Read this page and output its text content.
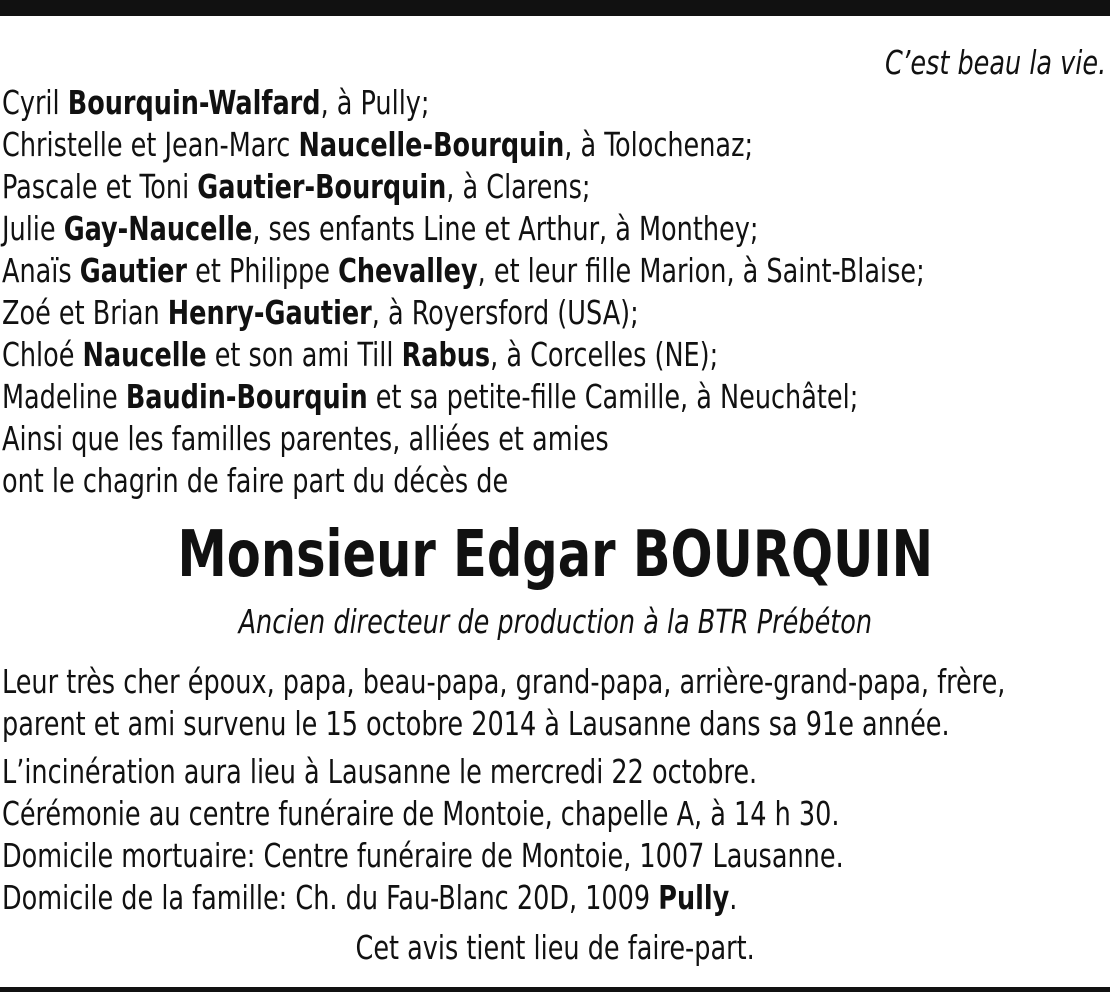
C’est beau la vie.
Cyril Bourquin-Walfard, à Pully;
Christelle et Jean-Marc Naucelle-Bourquin, à Tolochenaz;
Pascale et Toni Gautier-Bourquin, à Clarens;
Julie Gay-Naucelle, ses enfants Line et Arthur, à Monthey;
Anaïs Gautier et Philippe Chevalley, et leur fille Marion, à Saint-Blaise;
Zoé et Brian Henry-Gautier, à Royersford (USA);
Chloé Naucelle et son ami Till Rabus, à Corcelles (NE);
Madeline Baudin-Bourquin et sa petite-fille Camille, à Neuchâtel;
Ainsi que les familles parentes, alliées et amies
ont le chagrin de faire part du décès de
Monsieur Edgar BOURQUIN
Ancien directeur de production à la BTR Prébéton
Leur très cher époux, papa, beau-papa, grand-papa, arrière-grand-papa, frère,
parent et ami survenu le 15 octobre 2014 à Lausanne dans sa 91e année.
L’incinération aura lieu à Lausanne le mercredi 22 octobre.
Cérémonie au centre funéraire de Montoie, chapelle A, à 14 h 30.
Domicile mortuaire: Centre funéraire de Montoie, 1007 Lausanne.
Domicile de la famille: Ch. du Fau-Blanc 20D, 1009 Pully.
Cet avis tient lieu de faire-part.
